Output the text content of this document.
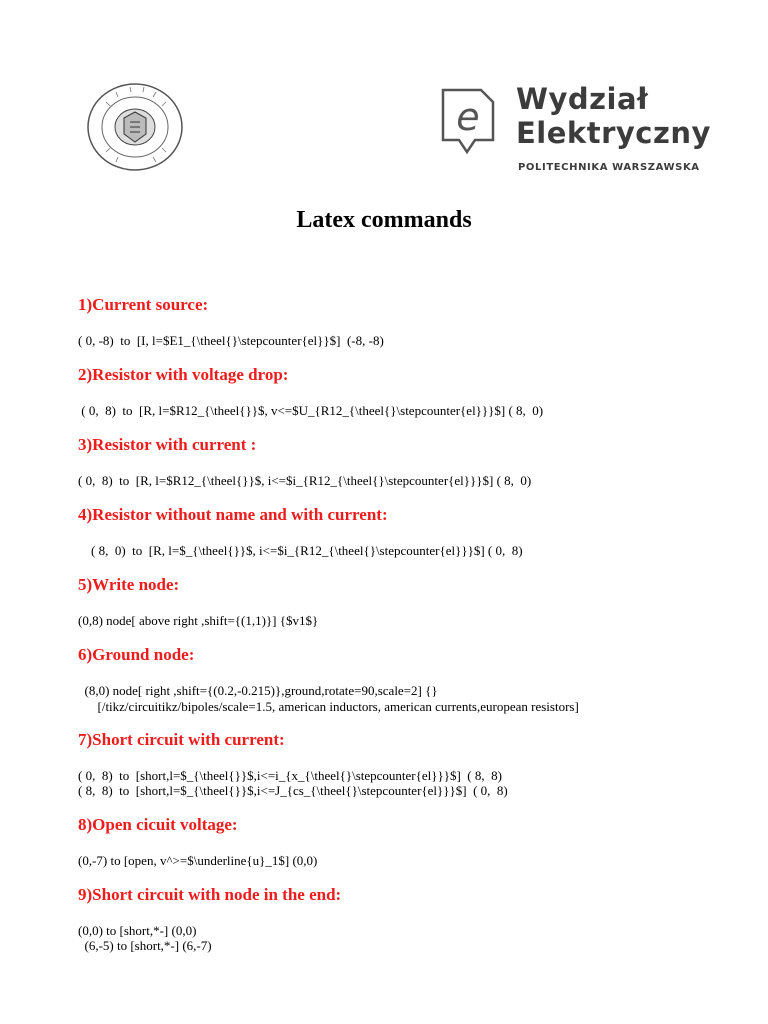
e Wydział
Elektryczny
POLITECHNIKA WARSZAWSKA
Latex commands
1)Current source:

( 0, -8)  to  [I, l=$E1_{\theel{}\stepcounter{el}}$]  (-8, -8)

2)Resistor with voltage drop:

( 0,  8)  to  [R, l=$R12_{\theel{}}$, v<=$U_{R12_{\theel{}\stepcounter{el}}}$] ( 8,  0)

3)Resistor with current :

( 0,  8)  to  [R, l=$R12_{\theel{}}$, i<=$i_{R12_{\theel{}\stepcounter{el}}}$] ( 8,  0)

4)Resistor without name and with current:

( 8,  0)  to  [R, l=$_{\theel{}}$, i<=$i_{R12_{\theel{}\stepcounter{el}}}$] ( 0,  8)

5)Write node:

(0,8) node[ above right ,shift={(1,1)}] {$v1$}

6)Ground node:

(8,0) node[ right ,shift={(0.2,-0.215)},ground,rotate=90,scale=2] {}

[/tikz/circuitikz/bipoles/scale=1.5, american inductors, american currents,european resistors]

7)Short circuit with current:

( 0,  8)  to  [short,l=$_{\theel{}}$,i<=i_{x_{\theel{}\stepcounter{el}}}$]  ( 8,  8)

( 8,  8)  to  [short,l=$_{\theel{}}$,i<=J_{cs_{\theel{}\stepcounter{el}}}$]  ( 0,  8)

8)Open cicuit voltage:

(0,-7) to [open, v^>=$\underline{u}_1$] (0,0)

9)Short circuit with node in the end:

(0,0) to [short,*-] (0,0)

(6,-5) to [short,*-] (6,-7)
